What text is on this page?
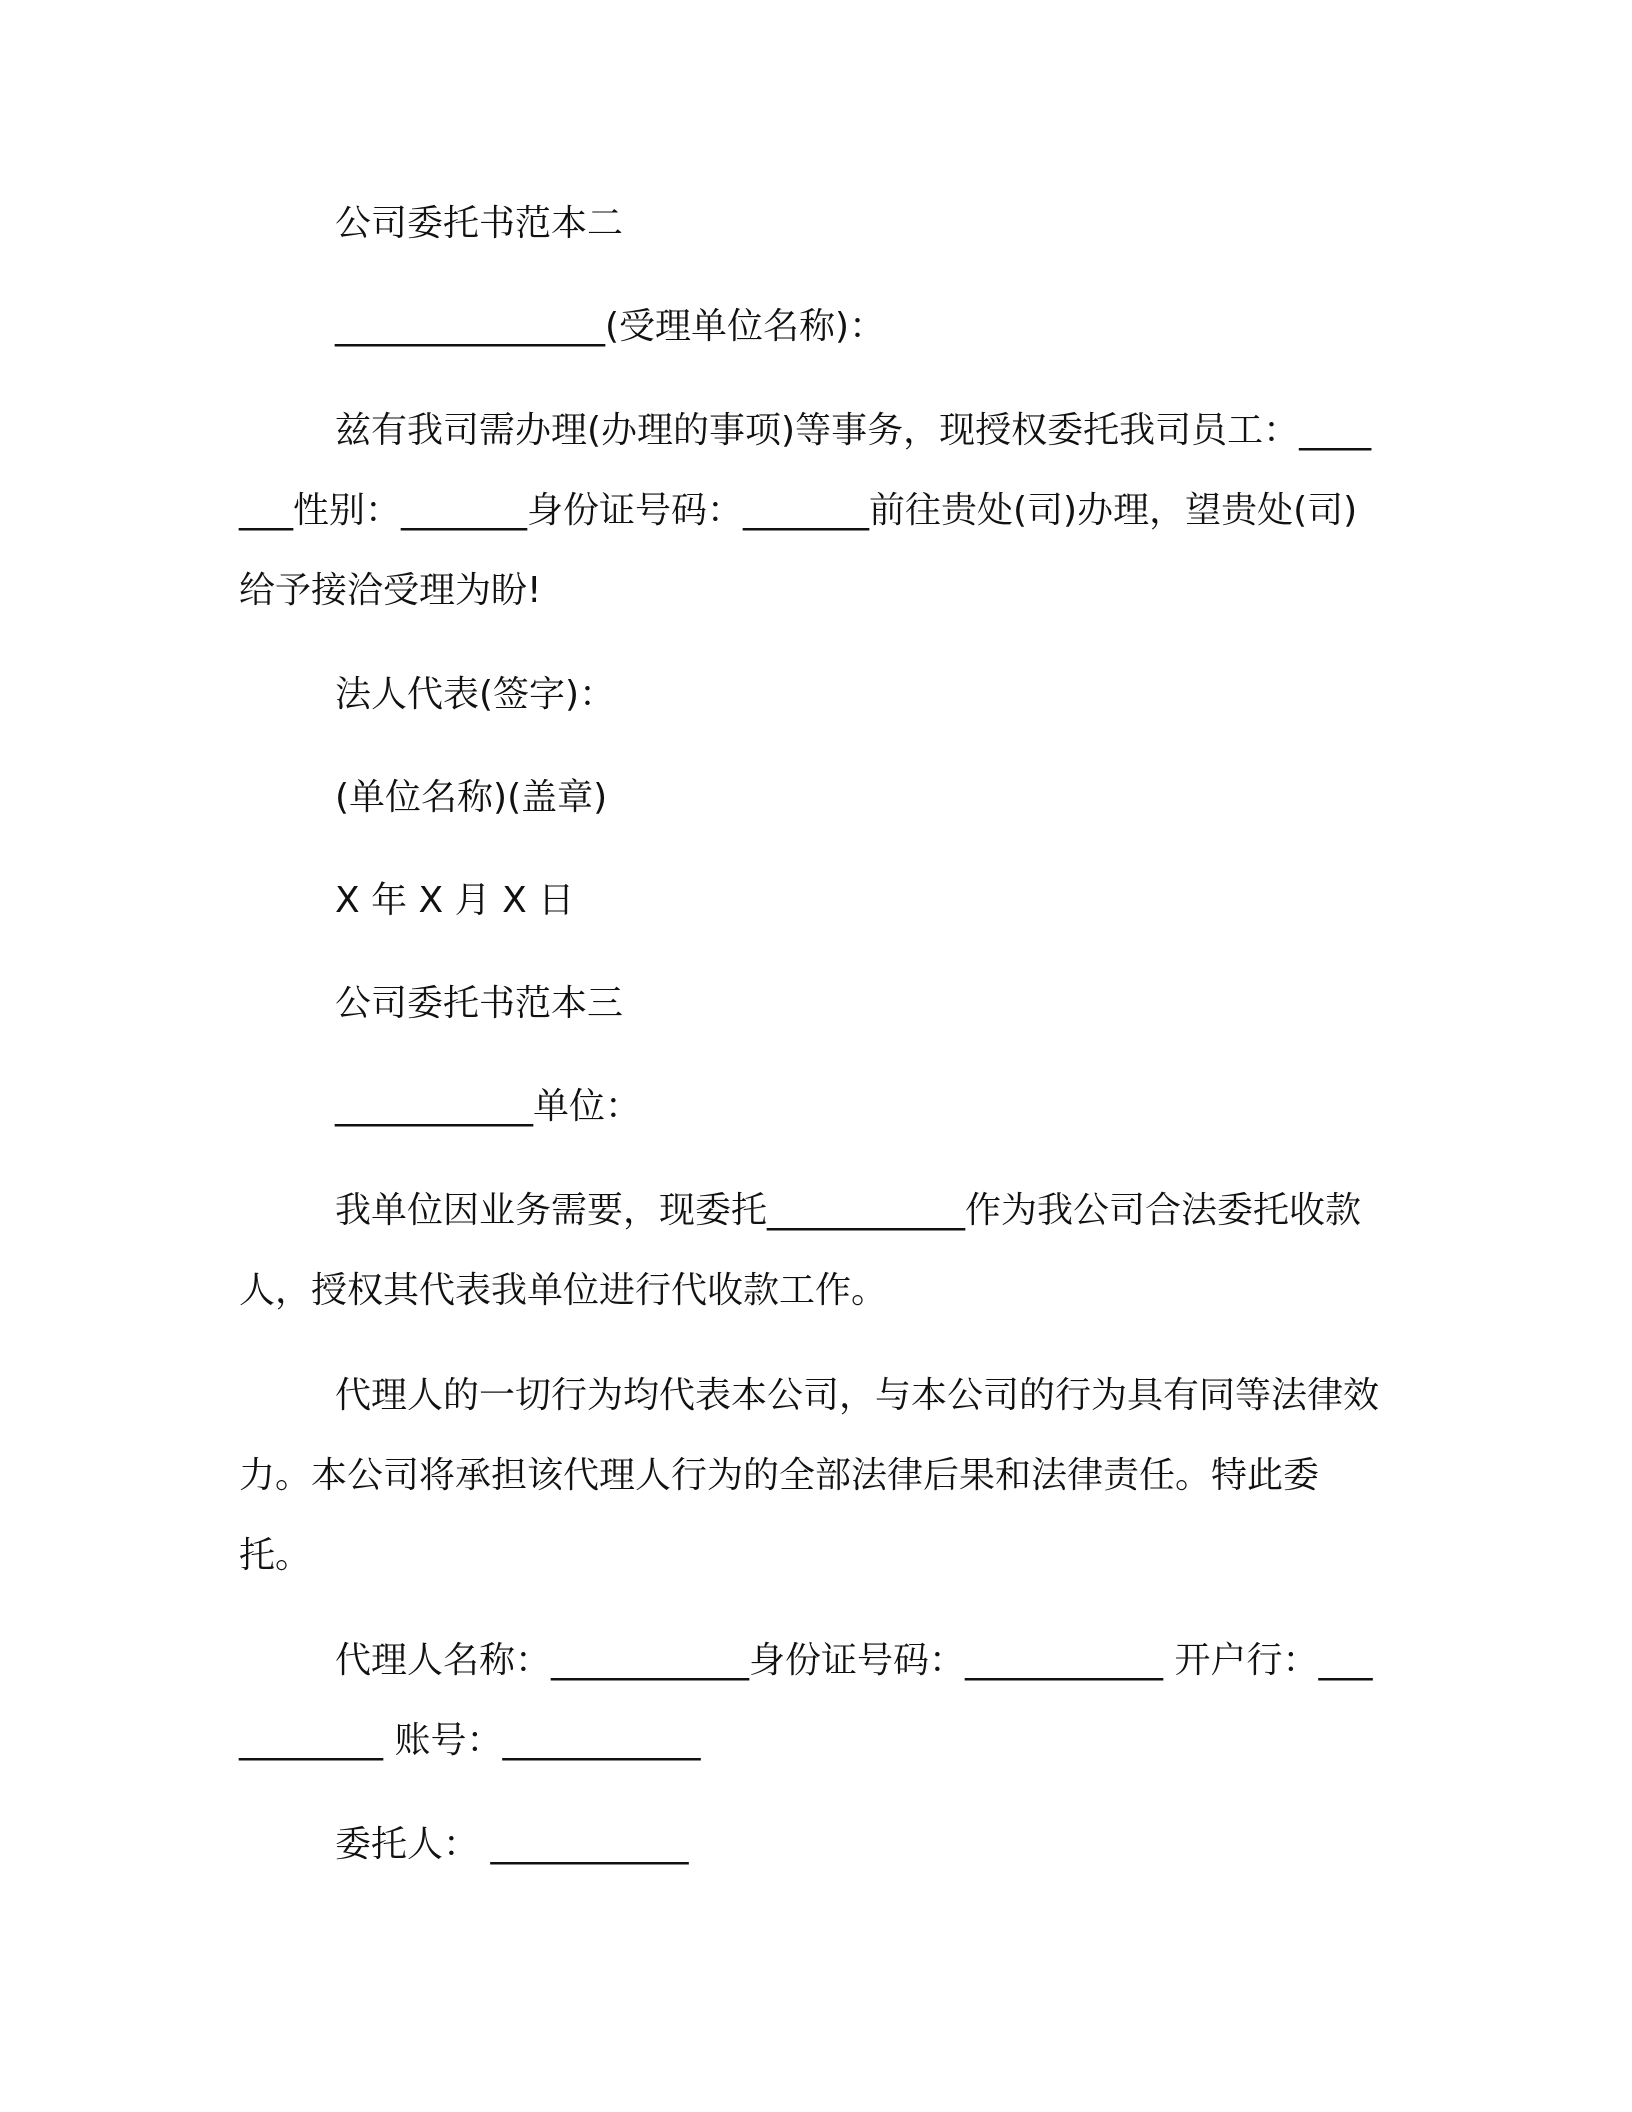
公司委托书范本二

_______________(受理单位名称)：

兹有我司需办理(办理的事项)等事务，现授权委托我司员工：_______性别：_______身份证号码：_______前往贵处(司)办理，望贵处(司)给予接洽受理为盼!

法人代表(签字)：

(单位名称)(盖章)

X 年 X 月 X 日

公司委托书范本三

___________单位：

我单位因业务需要，现委托___________作为我公司合法委托收款人，授权其代表我单位进行代收款工作。

代理人的一切行为均代表本公司，与本公司的行为具有同等法律效力。本公司将承担该代理人行为的全部法律后果和法律责任。特此委托。

代理人名称：___________身份证号码：___________ 开户行：___________ 账号：___________

委托人： ___________
